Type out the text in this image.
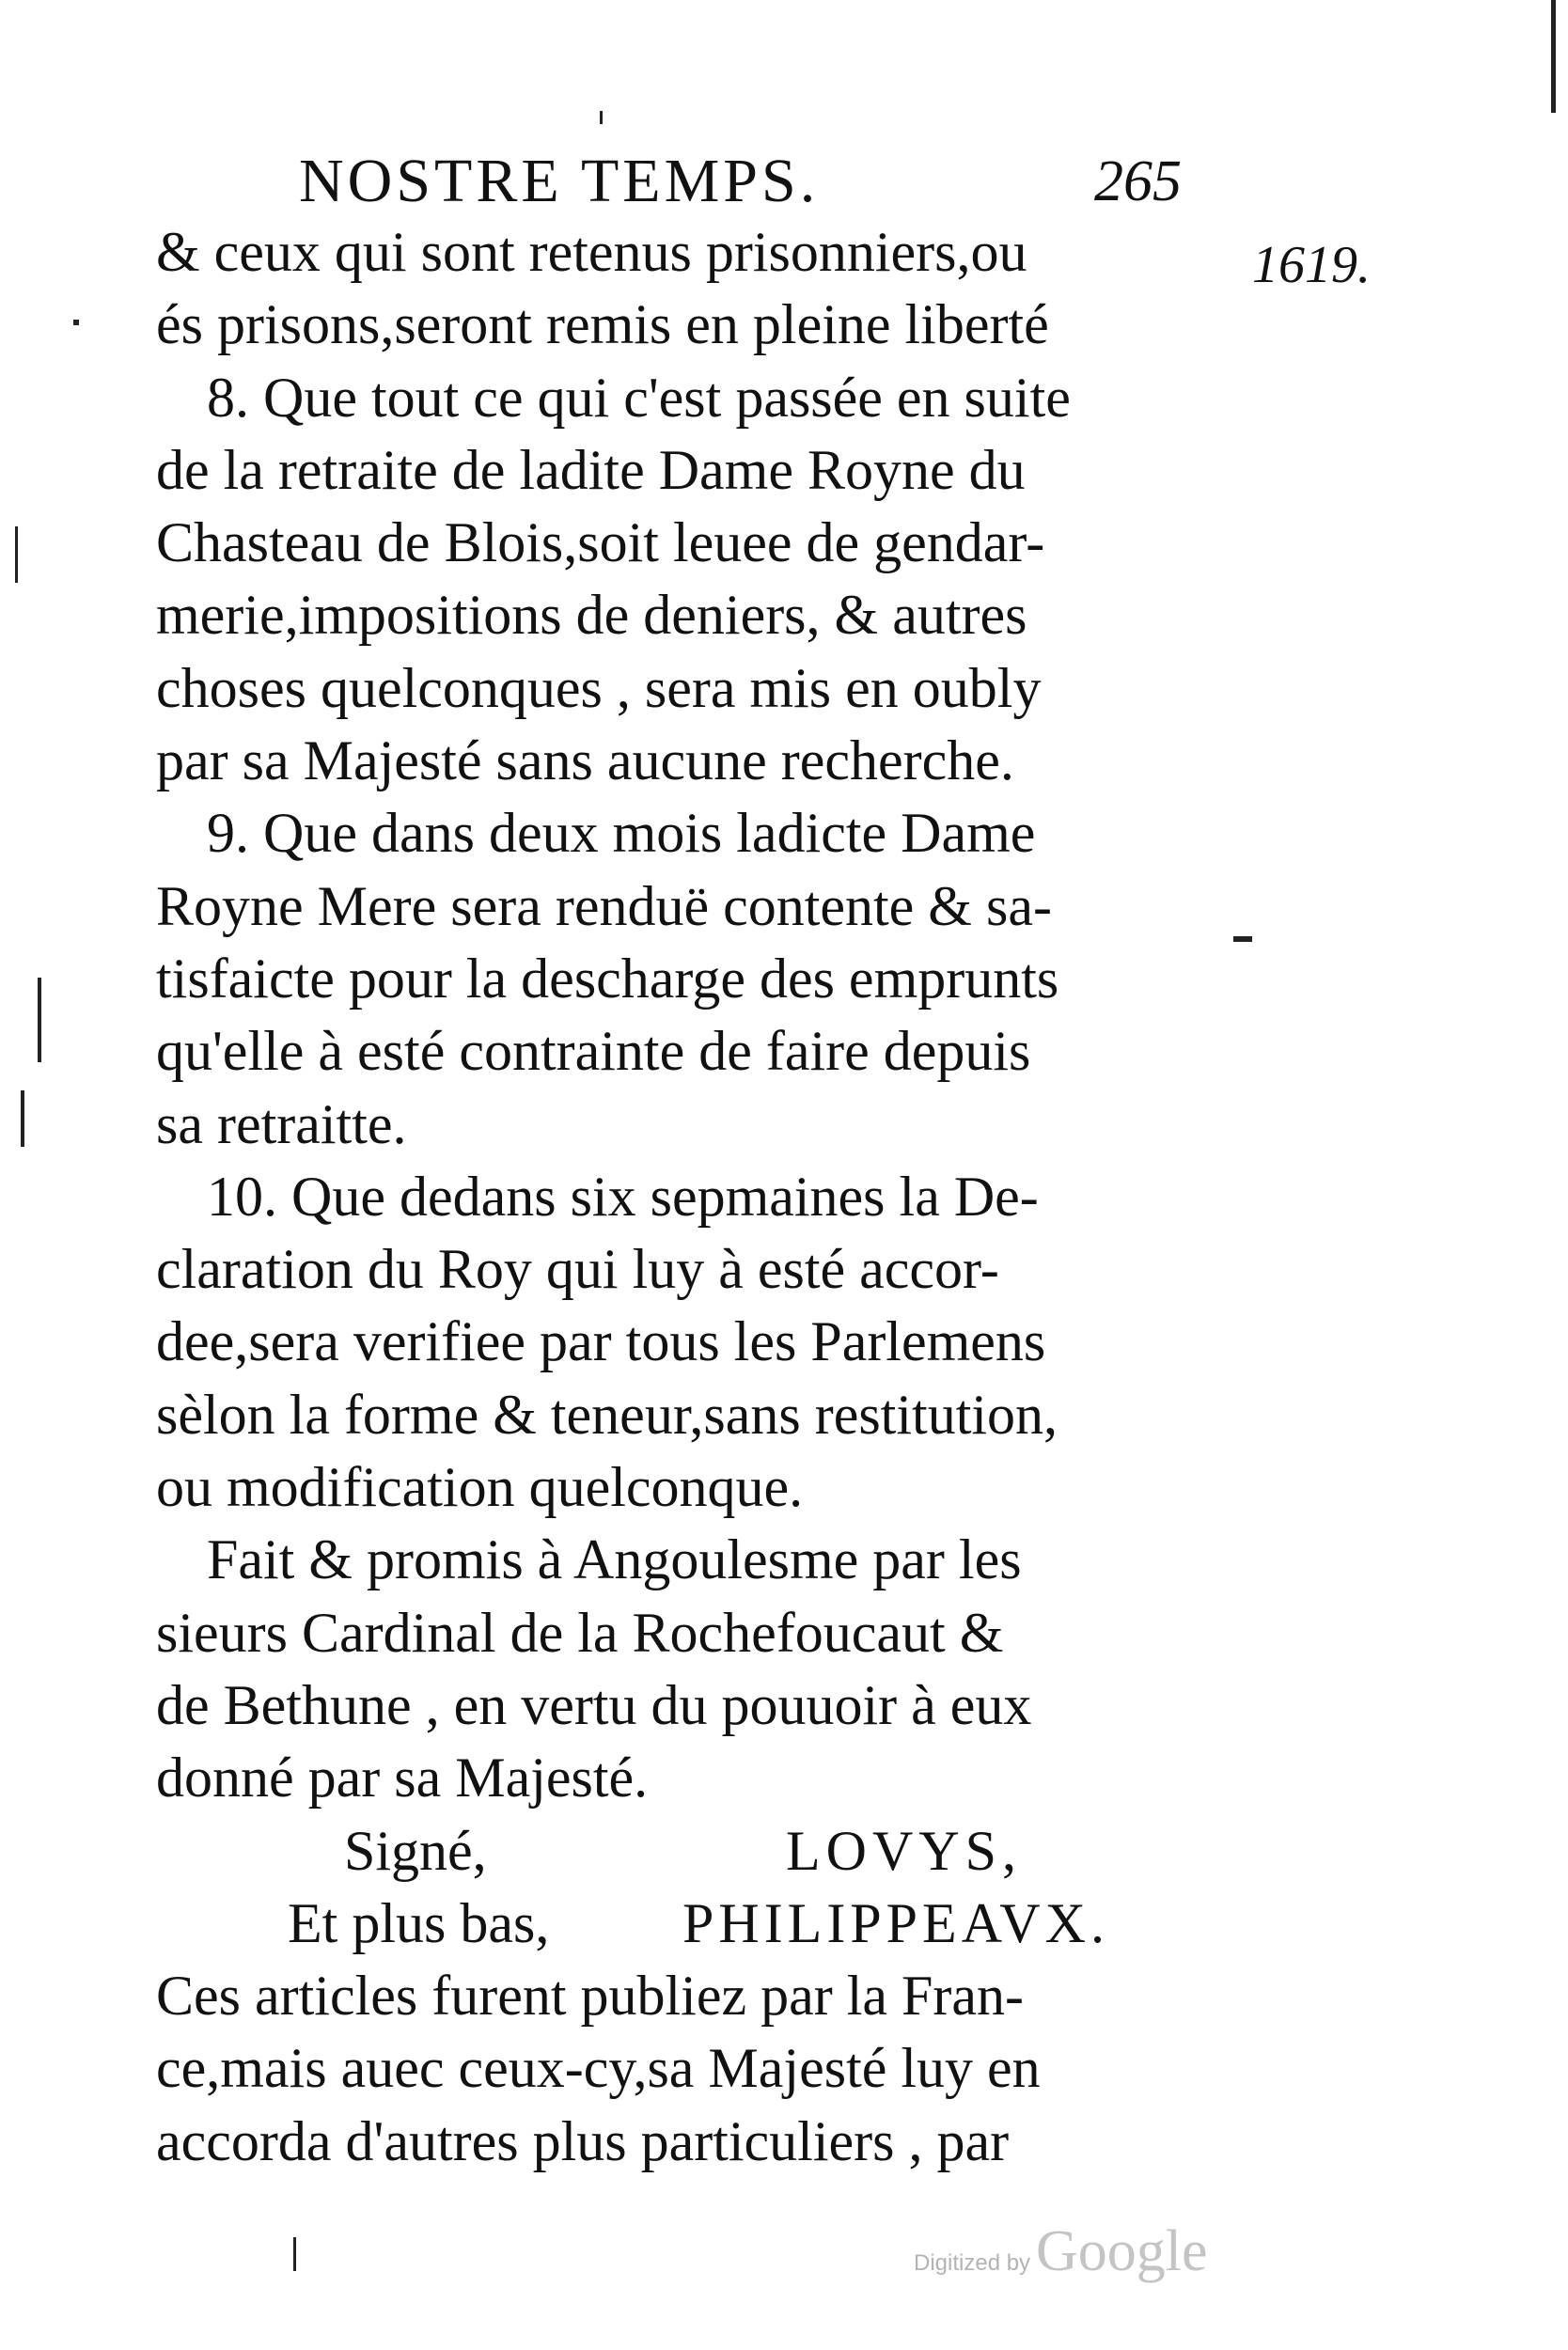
NOSTRE TEMPS.	265
1619.
& ceux qui sont retenus prisonniers,ou
és prisons,seront remis en pleine liberté
8. Que tout ce qui c'est passée en suite
de la retraite de ladite Dame Royne du
Chasteau de Blois,soit leuee de gendar-
merie,impositions de deniers, & autres
choses quelconques , sera mis en oubly
par sa Majesté sans aucune recherche.
9. Que dans deux mois ladicte Dame
Royne Mere sera renduë contente & sa-
tisfaicte pour la descharge des emprunts
qu'elle à esté contrainte de faire depuis
sa retraitte.
10. Que dedans six sepmaines la De-
claration du Roy qui luy à esté accor-
dee,sera verifiee par tous les Parlemens
sèlon la forme & teneur,sans restitution,
ou modification quelconque.
Fait & promis à Angoulesme par les
sieurs Cardinal de la Rochefoucaut &
de Bethune , en vertu du pouuoir à eux
donné par sa Majesté.
Signé,	LOVYS,
Et plus bas, PHILIPPEAVX.
Ces articles furent publiez par la Fran-
ce,mais auec ceux-cy,sa Majesté luy en
accorda d'autres plus particuliers , par
Digitized by Google
